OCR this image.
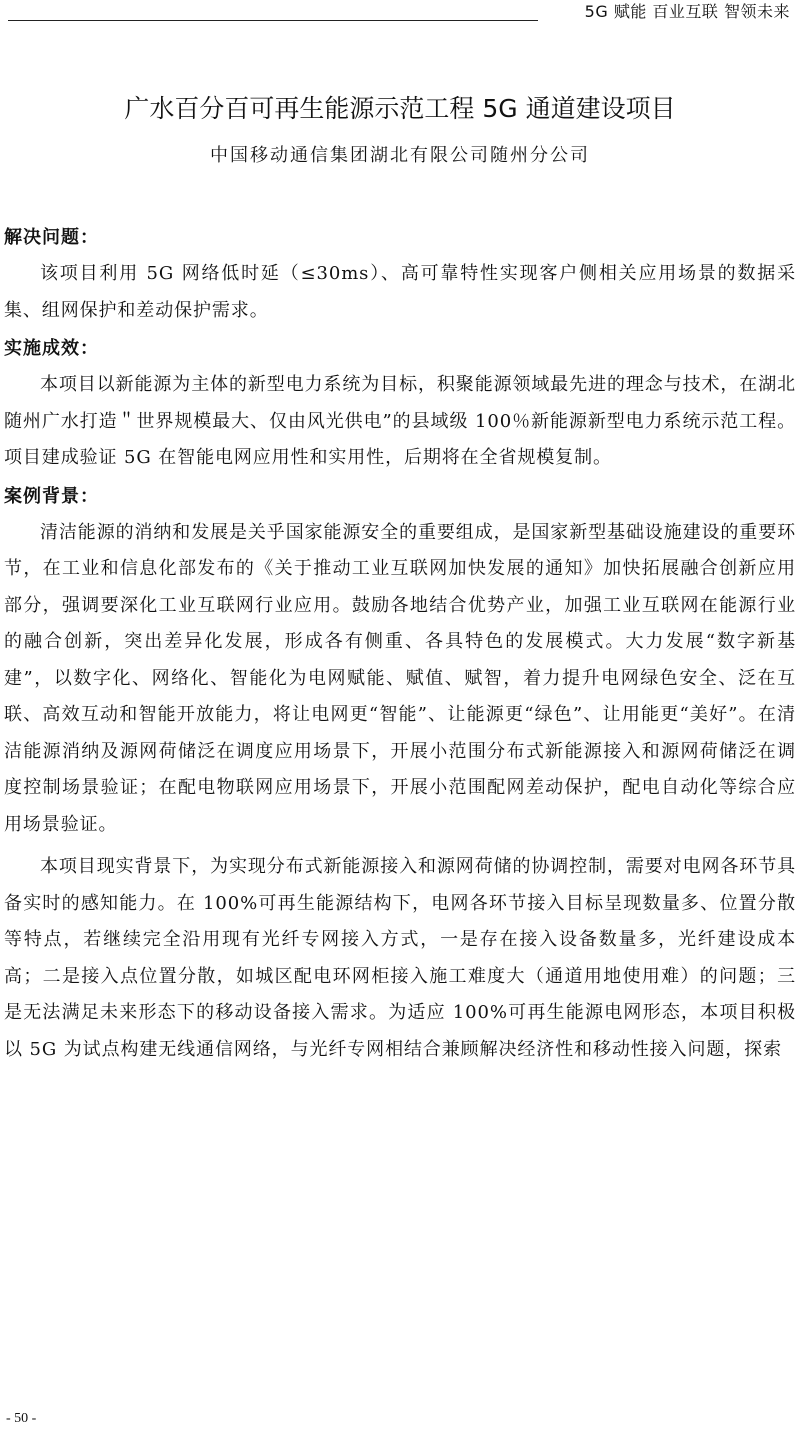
5G 赋能 百业互联 智领未来
广水百分百可再生能源示范工程 5G 通道建设项目
中国移动通信集团湖北有限公司随州分公司

解决问题：

该项目利用 5G 网络低时延（≤30ms）、高可靠特性实现客户侧相关应用场景的数据采集、组网保护和差动保护需求。

实施成效：

本项目以新能源为主体的新型电力系统为目标，积聚能源领域最先进的理念与技术，在湖北随州广水打造＂世界规模最大、仅由风光供电”的县域级 100％新能源新型电力系统示范工程。项目建成验证 5G 在智能电网应用性和实用性，后期将在全省规模复制。

案例背景：

清洁能源的消纳和发展是关乎国家能源安全的重要组成，是国家新型基础设施建设的重要环节，在工业和信息化部发布的《关于推动工业互联网加快发展的通知》加快拓展融合创新应用部分，强调要深化工业互联网行业应用。鼓励各地结合优势产业，加强工业互联网在能源行业的融合创新，突出差异化发展，形成各有侧重、各具特色的发展模式。大力发展“数字新基建”，以数字化、网络化、智能化为电网赋能、赋值、赋智，着力提升电网绿色安全、泛在互联、高效互动和智能开放能力，将让电网更“智能”、让能源更“绿色”、让用能更“美好”。在清洁能源消纳及源网荷储泛在调度应用场景下，开展小范围分布式新能源接入和源网荷储泛在调度控制场景验证；在配电物联网应用场景下，开展小范围配网差动保护，配电自动化等综合应用场景验证。

本项目现实背景下，为实现分布式新能源接入和源网荷储的协调控制，需要对电网各环节具备实时的感知能力。在 100%可再生能源结构下，电网各环节接入目标呈现数量多、位置分散等特点，若继续完全沿用现有光纤专网接入方式，一是存在接入设备数量多，光纤建设成本高；二是接入点位置分散，如城区配电环网柜接入施工难度大（通道用地使用难）的问题；三是无法满足未来形态下的移动设备接入需求。为适应 100%可再生能源电网形态，本项目积极以 5G 为试点构建无线通信网络，与光纤专网相结合兼顾解决经济性和移动性接入问题，探索

- 50 -
